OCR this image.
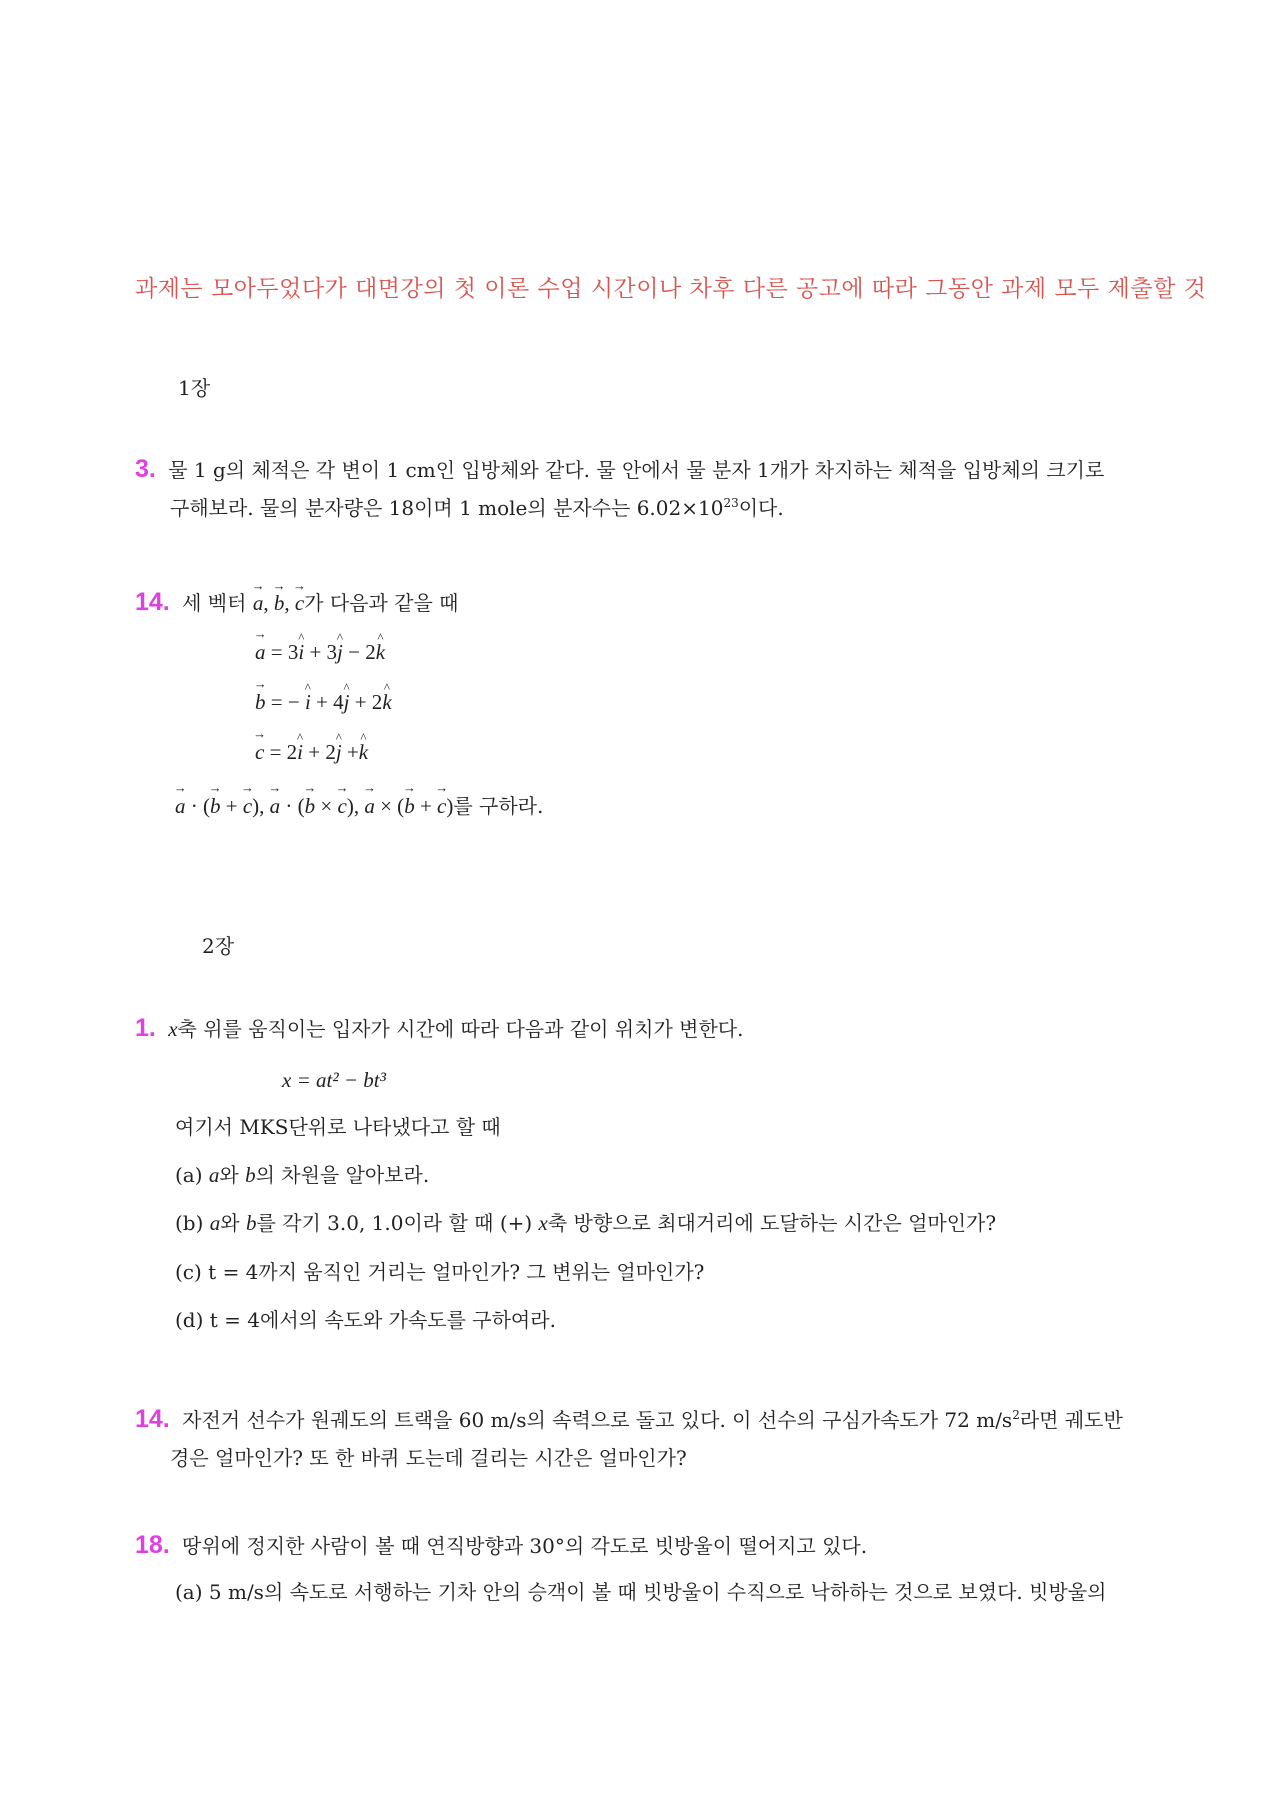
과제는 모아두었다가 대면강의 첫 이론 수업 시간이나 차후 다른 공고에 따라 그동안 과제 모두 제출할 것
1장
3. 물 1 g의 체적은 각 변이 1 cm인 입방체와 같다. 물 안에서 물 분자 1개가 차지하는 체적을 입방체의 크기로
구해보라. 물의 분자량은 18이며 1 mole의 분자수는 $6.02\times 10^{23}$이다.
14. 세 벡터 → a, → b, → c가 다음과 같을 때
→ a = 3^ i + 3^ j − 2^ k
→ b = − ^ i + 4^ j + 2^ k
→ c = 2^ i + 2^ j +^ k
→ a · (→ b + → c), → a · (→ b × → c), → a × (→ b + → c)를 구하라.
2장
1. x축 위를 움직이는 입자가 시간에 따라 다음과 같이 위치가 변한다.
x = at² − bt³
여기서 MKS단위로 나타냈다고 할 때
(a) a와 b의 차원을 알아보라.
(b) a와 b를 각기 3.0, 1.0이라 할 때 (+) x축 방향으로 최대거리에 도달하는 시간은 얼마인가?
(c) t = 4까지 움직인 거리는 얼마인가? 그 변위는 얼마인가?
(d) t = 4에서의 속도와 가속도를 구하여라.
14. 자전거 선수가 원궤도의 트랙을 60 m/s의 속력으로 돌고 있다. 이 선수의 구심가속도가 72 $m/s^2$라면 궤도반
경은 얼마인가? 또 한 바퀴 도는데 걸리는 시간은 얼마인가?
18. 땅위에 정지한 사람이 볼 때 연직방향과 30°의 각도로 빗방울이 떨어지고 있다.
(a) 5 m/s의 속도로 서행하는 기차 안의 승객이 볼 때 빗방울이 수직으로 낙하하는 것으로 보였다. 빗방울의
